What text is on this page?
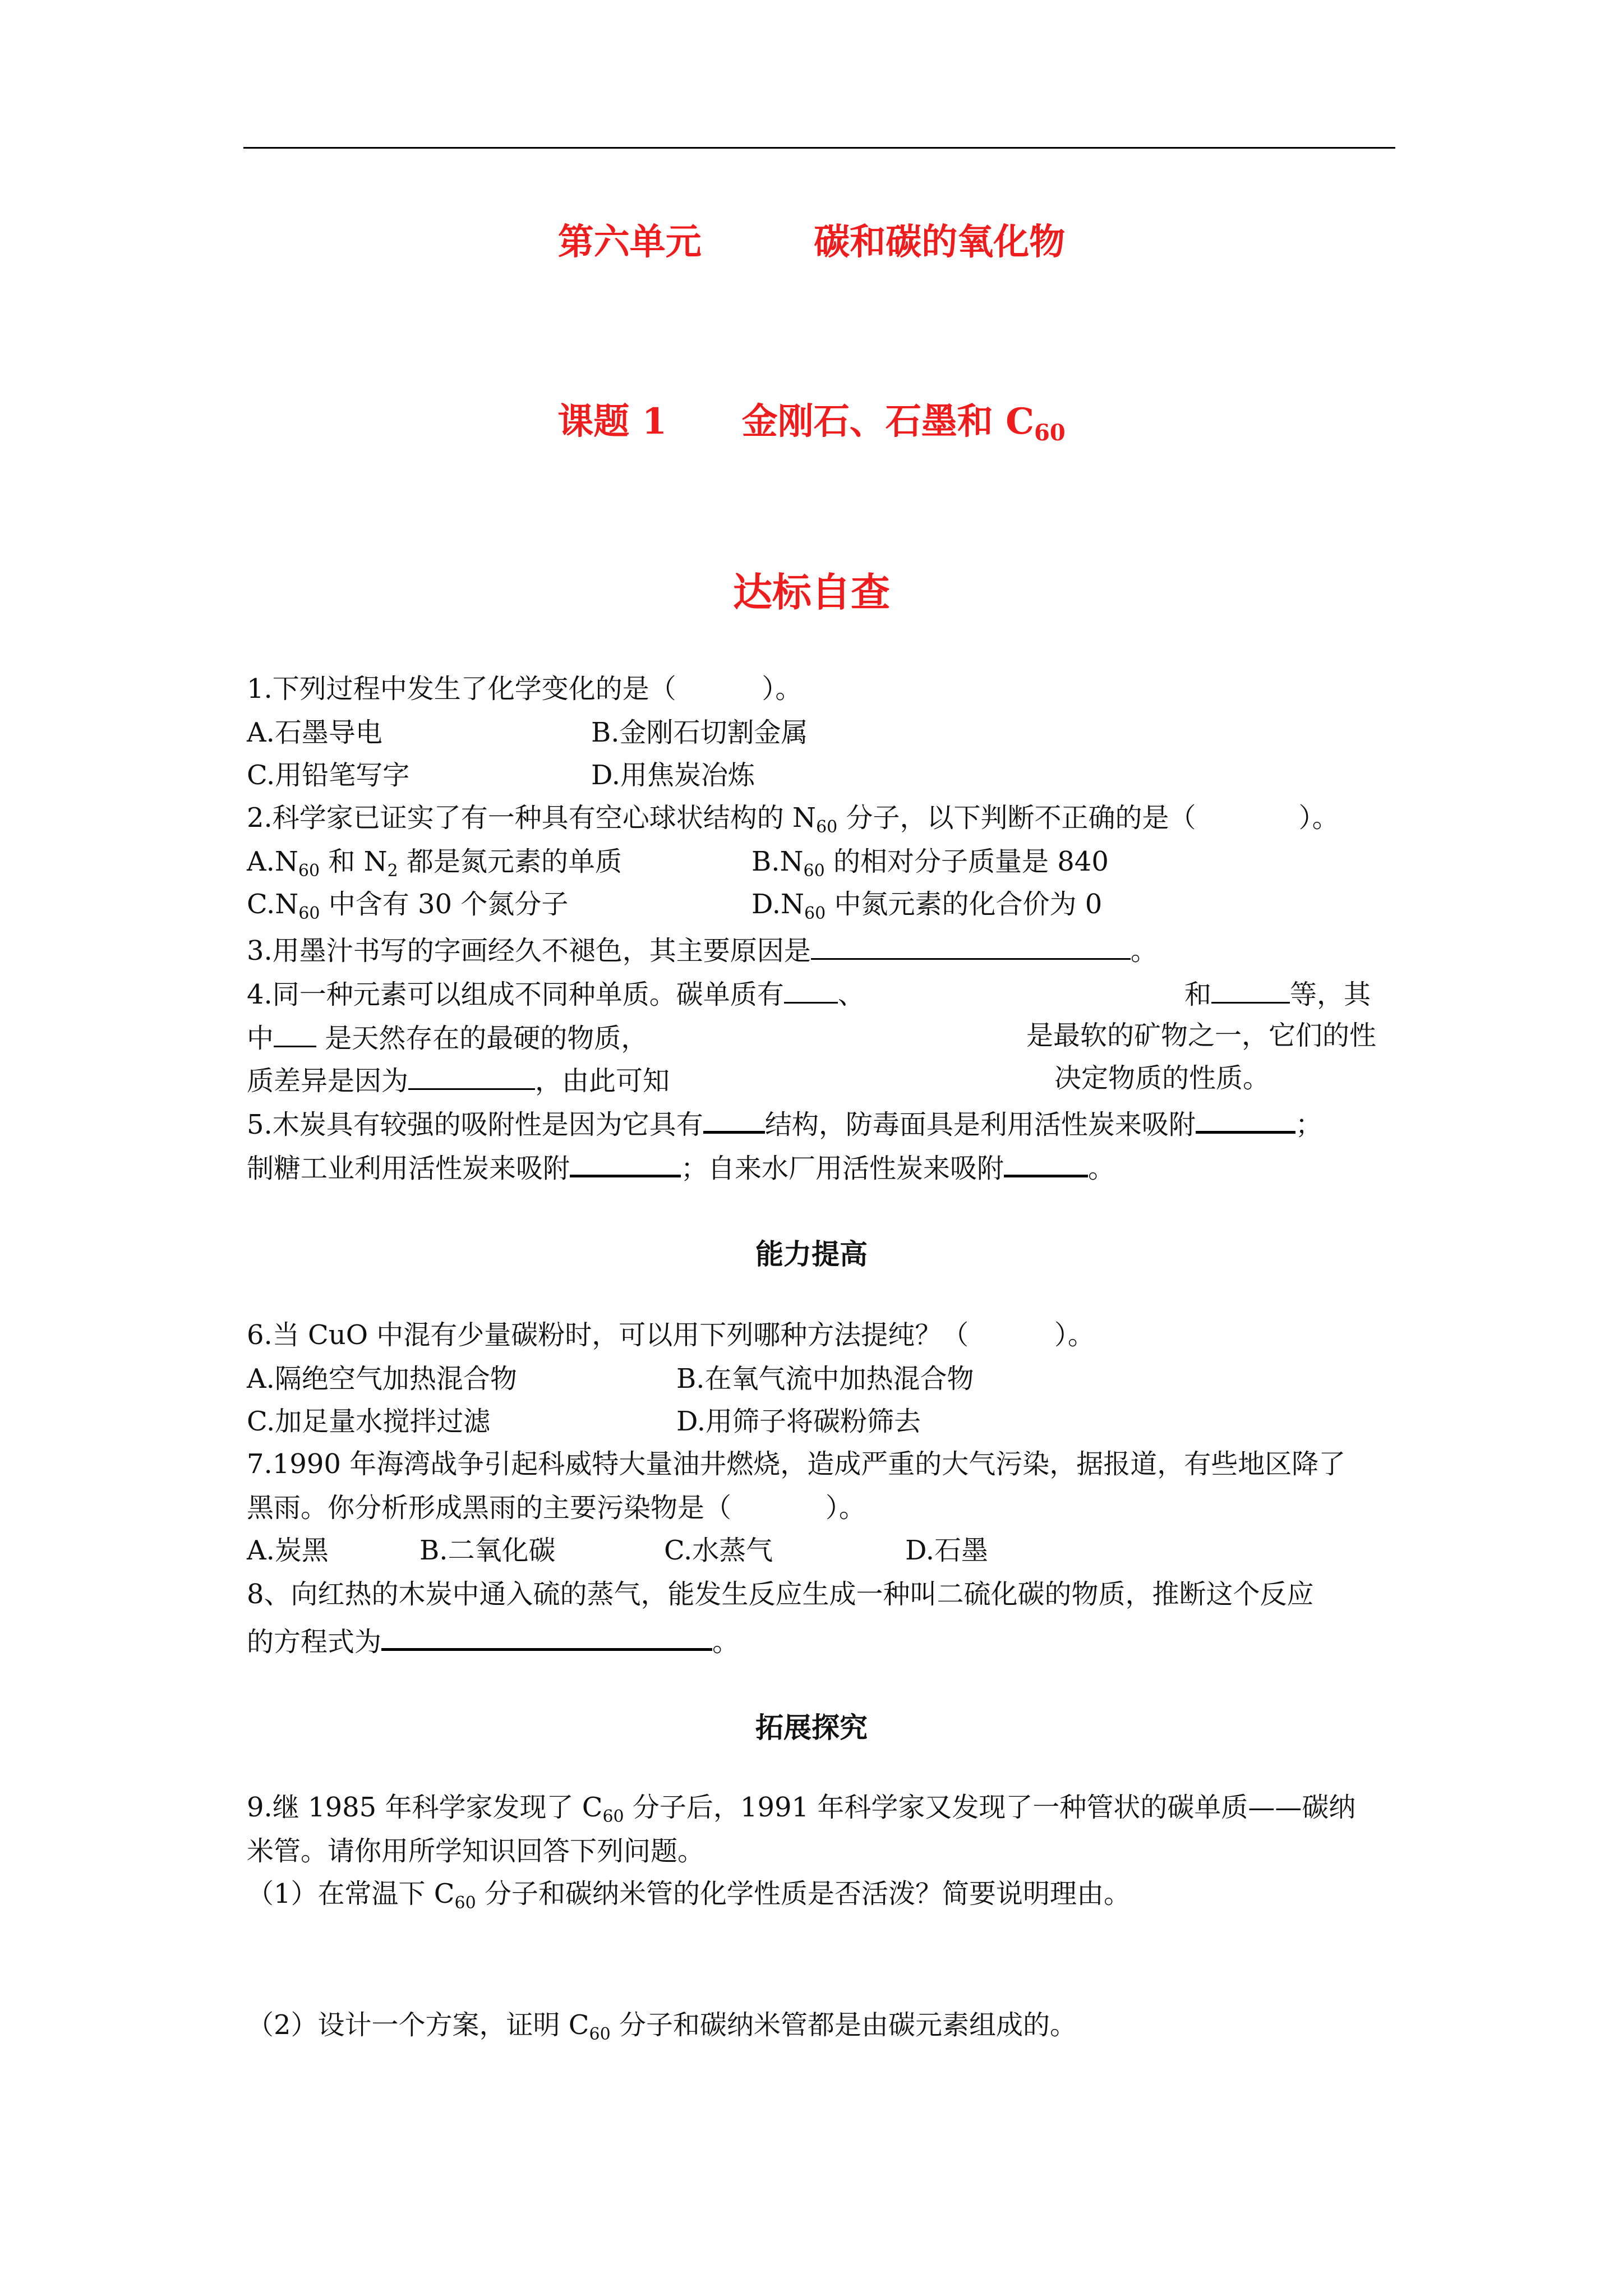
第六单元         碳和碳的氧化物
课题 1      金刚石、石墨和 C60
达标自查
1.下列过程中发生了化学变化的是（          ）。
A.石墨导电	B.金刚石切割金属
C.用铅笔写字	D.用焦炭冶炼
2.科学家已证实了有一种具有空心球状结构的 $N_{60}$ 分子，以下判断不正确的是（            ）。
$A.N_{60}$ 和 $N_2$ 都是氮元素的单质	$B.N_{60}$ 的相对分子质量是 840
$C.N_{60}$ 中含有 30 个氮分子	$D.N_{60}$ 中氮元素的化合价为 0
3.用墨汁书写的字画经久不褪色，其主要原因是	。
4.同一种元素可以组成不同种单质。碳单质有 、	和	等，其
中 是天然存在的最硬的物质，	是最软的矿物之一，它们的性
质差异是因为	，由此可知	决定物质的性质。
5.木炭具有较强的吸附性是因为它具有 结构，防毒面具是利用活性炭来吸附	；
制糖工业利用活性炭来吸附	；自来水厂用活性炭来吸附	。
能力提高
6.当 CuO 中混有少量碳粉时，可以用下列哪种方法提纯？（          ）。
A.隔绝空气加热混合物	B.在氧气流中加热混合物
C.加足量水搅拌过滤	D.用筛子将碳粉筛去
7.1990 年海湾战争引起科威特大量油井燃烧，造成严重的大气污染，据报道，有些地区降了
黑雨。你分析形成黑雨的主要污染物是（           ）。
A.炭黑	B.二氧化碳	C.水蒸气	D.石墨
8、向红热的木炭中通入硫的蒸气，能发生反应生成一种叫二硫化碳的物质，推断这个反应
的方程式为	。
拓展探究
9.继 1985 年科学家发现了 $C_{60}$ 分子后，1991 年科学家又发现了一种管状的碳单质——碳纳
米管。请你用所学知识回答下列问题。
（1）在常温下 $C_{60}$ 分子和碳纳米管的化学性质是否活泼？简要说明理由。
（2）设计一个方案，证明 $C_{60}$ 分子和碳纳米管都是由碳元素组成的。
